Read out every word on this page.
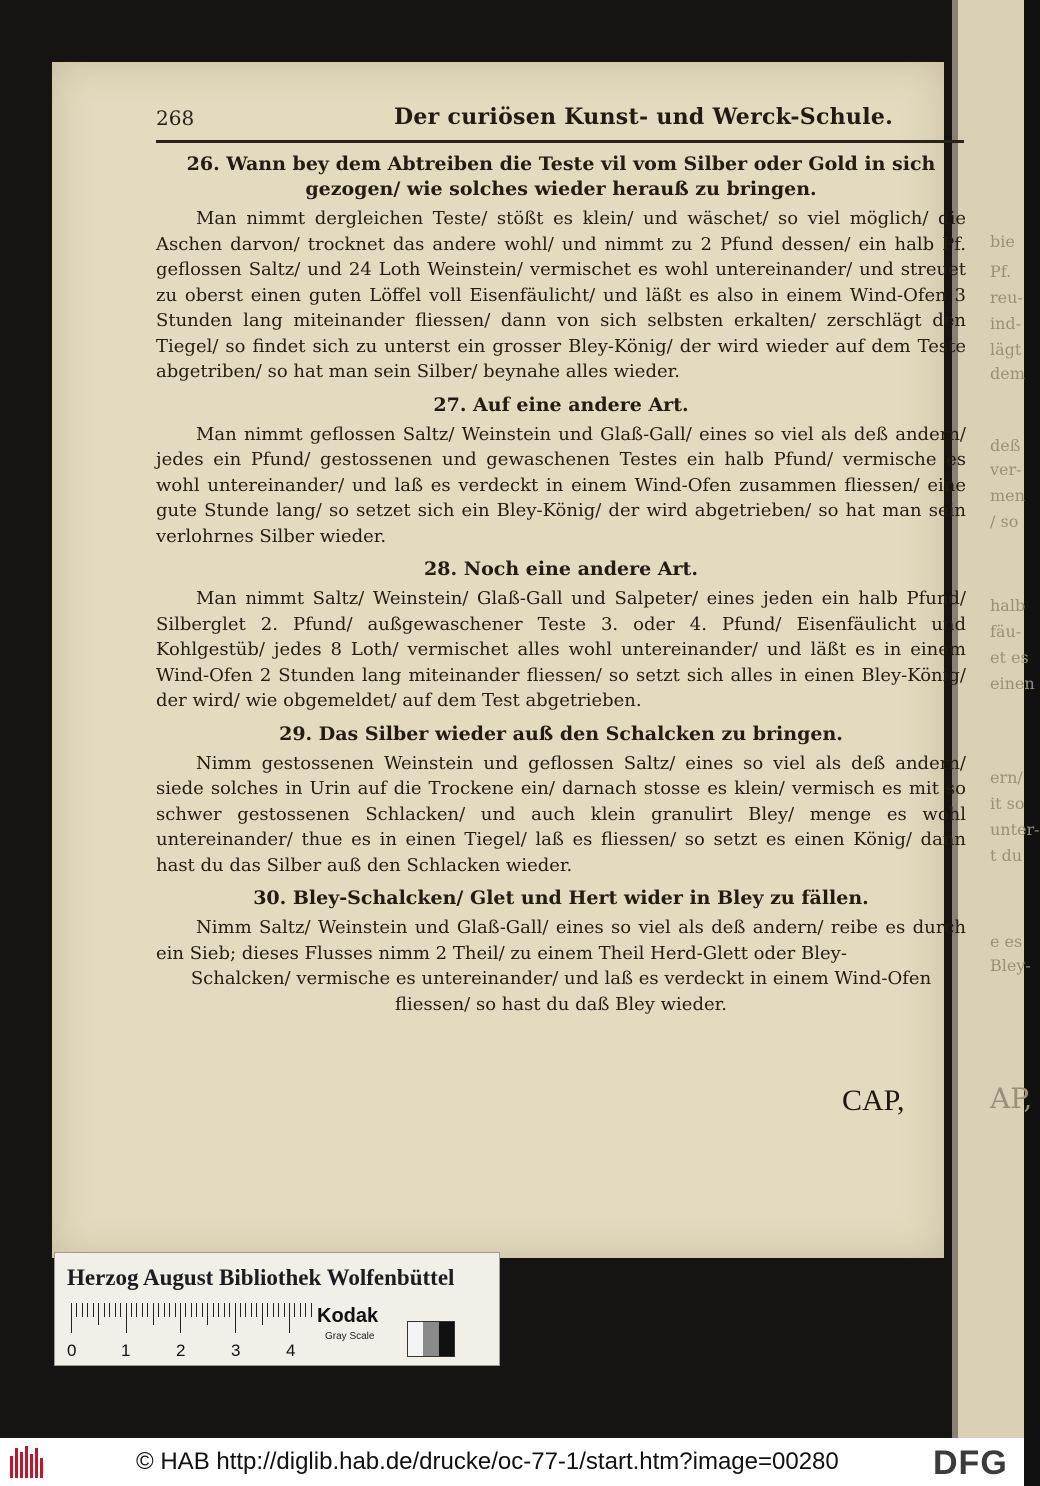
bie
Pf.
reu-
ind-
lägt
dem
deß
ver-
men
/ so
halb
fäu-
et es
einen
ern/
it so
unter-
t du
e es
Bley-
AP,
268	Der curiösen Kunst- und Werck-Schule.
26. Wann bey dem Abtreiben die Teste vil vom Silber oder Gold in sich gezogen/ wie solches wieder herauß zu bringen.

Man nimmt dergleichen Teste/ stößt es klein/ und wäschet/ so viel möglich/ die Aschen darvon/ trocknet das andere wohl/ und nimmt zu 2 Pfund dessen/ ein halb Pf. geflossen Saltz/ und 24 Loth Weinstein/ vermischet es wohl untereinander/ und streuet zu oberst einen guten Löffel voll Eisenfäulicht/ und läßt es also in einem Wind-Ofen 3 Stunden lang miteinander fliessen/ dann von sich selbsten erkalten/ zerschlägt den Tiegel/ so findet sich zu unterst ein grosser Bley-König/ der wird wieder auf dem Teste abgetriben/ so hat man sein Silber/ beynahe alles wieder.

27. Auf eine andere Art.

Man nimmt geflossen Saltz/ Weinstein und Glaß-Gall/ eines so viel als deß andern/ jedes ein Pfund/ gestossenen und gewaschenen Testes ein halb Pfund/ vermische es wohl untereinander/ und laß es verdeckt in einem Wind-Ofen zusammen fliessen/ eine gute Stunde lang/ so setzet sich ein Bley-König/ der wird abgetrieben/ so hat man sein verlohrnes Silber wieder.

28. Noch eine andere Art.

Man nimmt Saltz/ Weinstein/ Glaß-Gall und Salpeter/ eines jeden ein halb Pfund/ Silberglet 2. Pfund/ außgewaschener Teste 3. oder 4. Pfund/ Eisenfäulicht und Kohlgestüb/ jedes 8 Loth/ vermischet alles wohl untereinander/ und läßt es in einem Wind-Ofen 2 Stunden lang miteinander fliessen/ so setzt sich alles in einen Bley-König/ der wird/ wie obgemeldet/ auf dem Test abgetrieben.

29. Das Silber wieder auß den Schalcken zu bringen.

Nimm gestossenen Weinstein und geflossen Saltz/ eines so viel als deß andern/ siede solches in Urin auf die Trockene ein/ darnach stosse es klein/ vermisch es mit so schwer gestossenen Schlacken/ und auch klein granulirt Bley/ menge es wohl untereinander/ thue es in einen Tiegel/ laß es fliessen/ so setzt es einen König/ dann hast du das Silber auß den Schlacken wieder.

30. Bley-Schalcken/ Glet und Hert wider in Bley zu fällen.

Nimm Saltz/ Weinstein und Glaß-Gall/ eines so viel als deß andern/ reibe es durch ein Sieb; dieses Flusses nimm 2 Theil/ zu einem Theil Herd-Glett oder Bley-

Schalcken/ vermische es untereinander/ und laß es verdeckt in einem Wind-Ofen fliessen/ so hast du daß Bley wieder.

CAP,
Herzog August Bibliothek Wolfenbüttel
0	1	2	3	4
Kodak
Gray Scale
© HAB http://diglib.hab.de/drucke/oc-77-1/start.htm?image=00280	DFG
